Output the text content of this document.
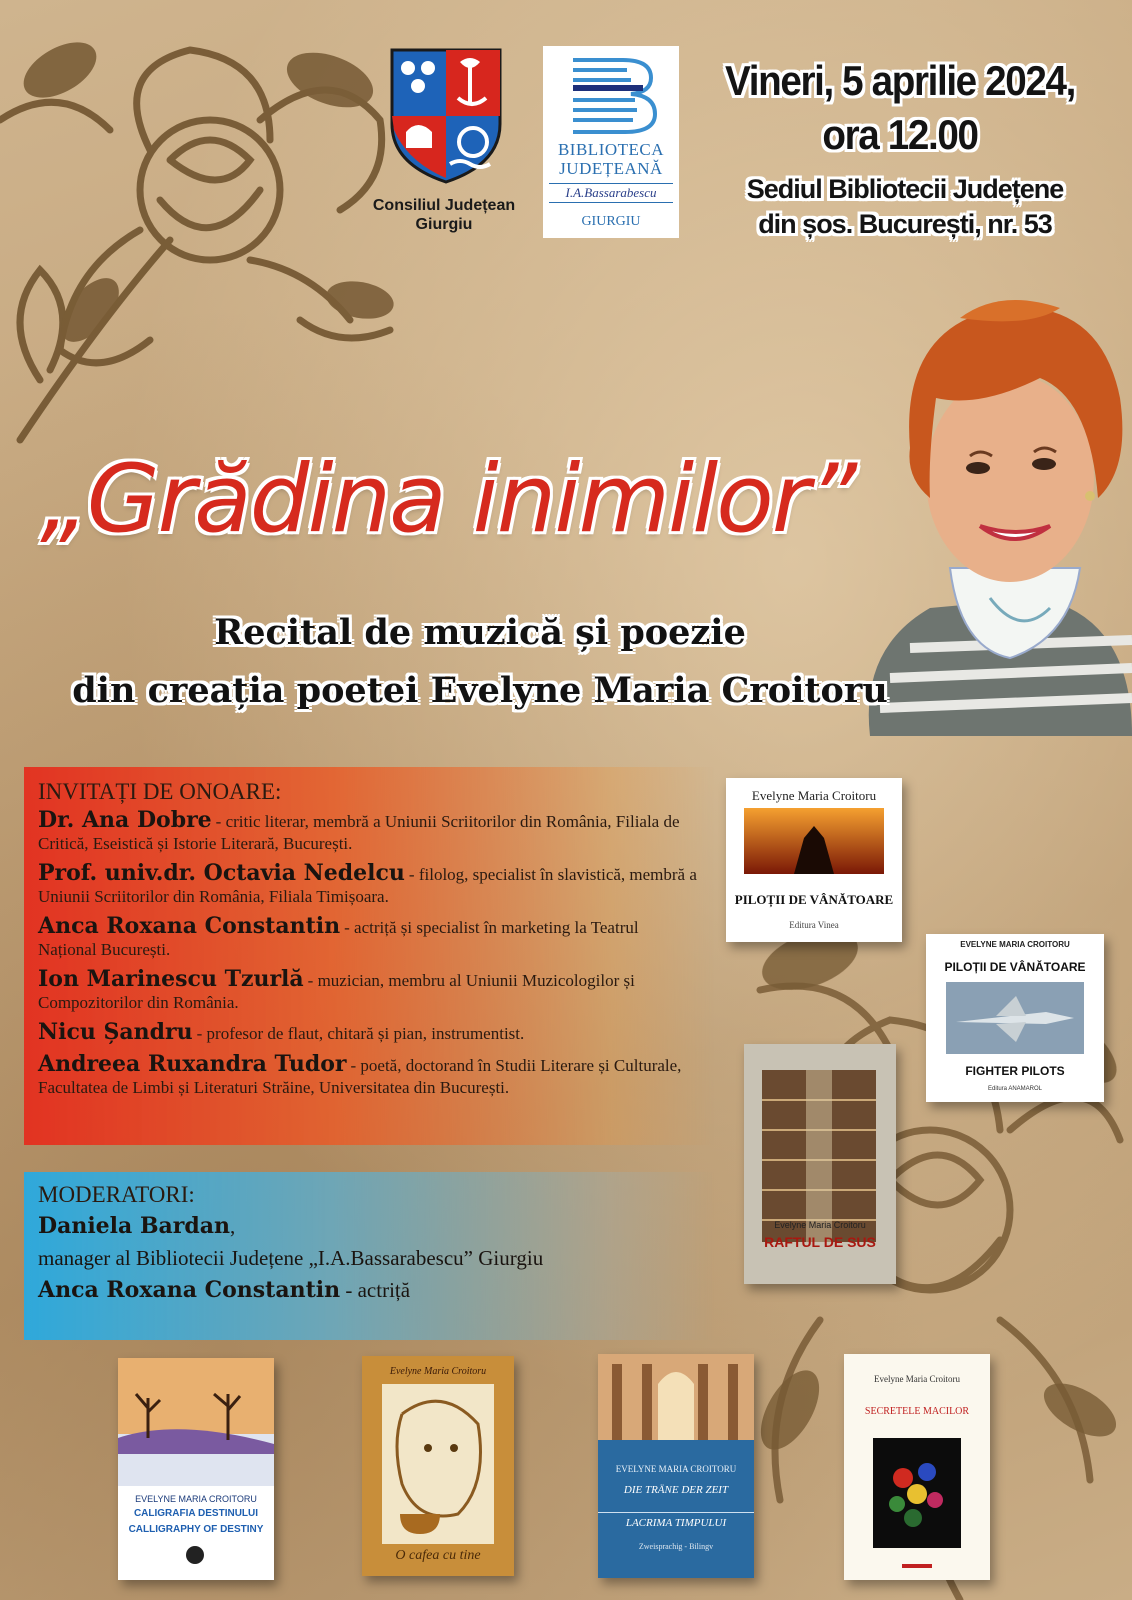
Consiliul Județean Giurgiu
BIBLIOTECA JUDEȚEANĂ
I.A.Bassarabescu
GIURGIU
Vineri, 5 aprilie 2024,
ora 12.00
Sediul Bibliotecii Județene
din șos. București, nr. 53
„Grădina inimilor”
Recital de muzică și poezie
din creația poetei Evelyne Maria Croitoru
INVITAȚI DE ONOARE:
Dr. Ana Dobre - critic literar, membră a Uniunii Scriitorilor din România, Filiala de Critică, Eseistică și Istorie Literară, București.
Prof. univ.dr. Octavia Nedelcu - filolog, specialist în slavistică, membră a Uniunii Scriitorilor din România, Filiala Timișoara.
Anca Roxana Constantin - actriță și specialist în marketing la Teatrul Național București.
Ion Marinescu Tzurlă - muzician, membru al Uniunii Muzicologilor și Compozitorilor din România.
Nicu Șandru - profesor de flaut, chitară și pian, instrumentist.
Andreea Ruxandra Tudor - poetă, doctorand în Studii Literare și Culturale, Facultatea de Limbi și Literaturi Străine, Universitatea din București.
MODERATORI:
Daniela Bardan,
manager al Bibliotecii Județene „I.A.Bassarabescu” Giurgiu
Anca Roxana Constantin - actriță
Evelyne Maria Croitoru
PILOȚII DE VÂNĂTOARE
Editura Vinea
EVELYNE MARIA CROITORU
PILOȚII DE VÂNĂTOARE
FIGHTER PILOTS
Editura ANAMAROL
Evelyne Maria Croitoru
RAFTUL DE SUS
EVELYNE MARIA CROITORU
CALIGRAFIA DESTINULUI
CALLIGRAPHY OF DESTINY
Evelyne Maria Croitoru
O cafea cu tine
EVELYNE MARIA CROITORU
DIE TRÄNE DER ZEIT
LACRIMA TIMPULUI
Zweisprachig - Bilingv
Evelyne Maria Croitoru
SECRETELE MACILOR
